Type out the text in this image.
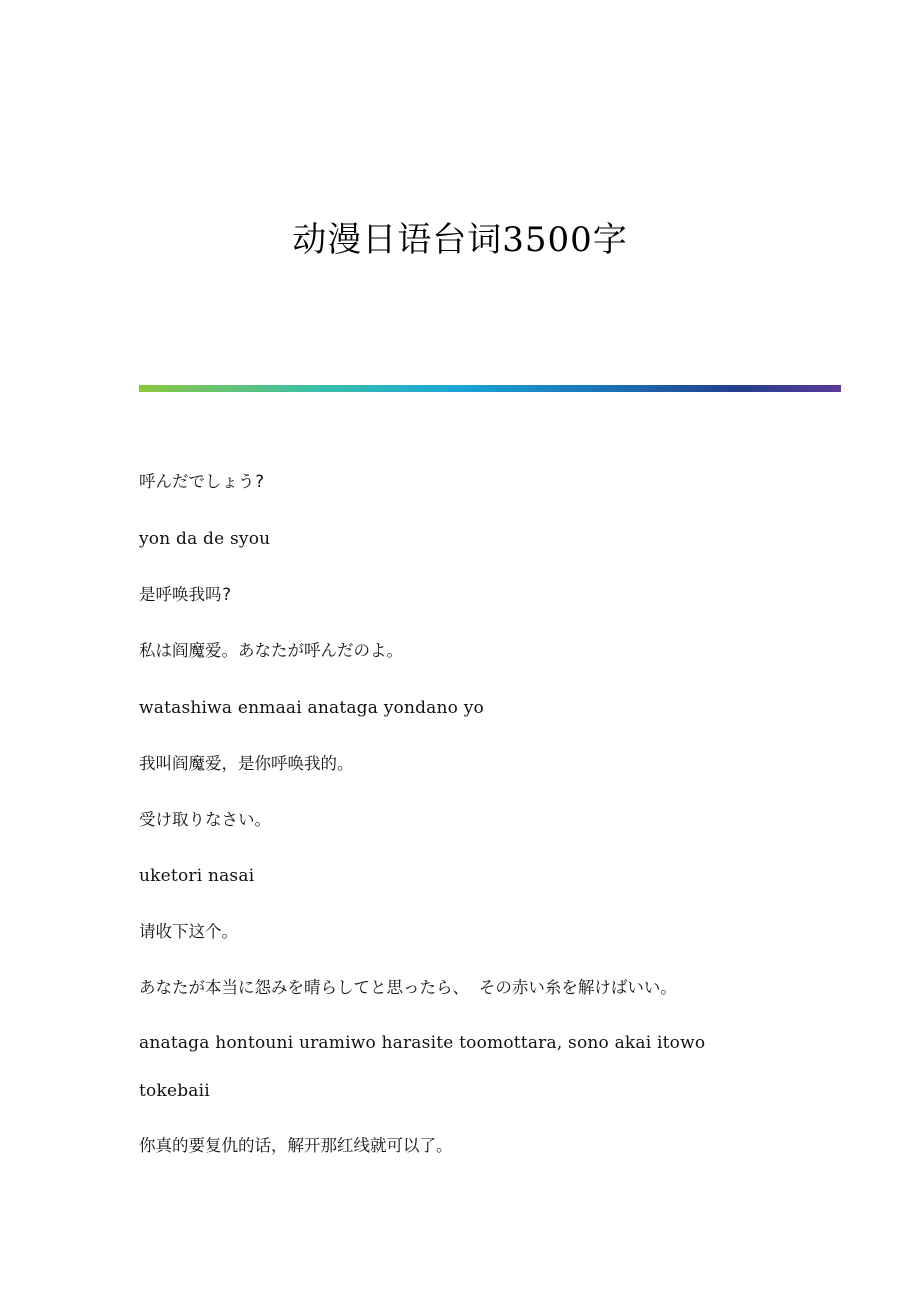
动漫日语台词3500字

呼んだでしょう?

yon da de syou

是呼唤我吗?

私は阎魔爱。あなたが呼んだのよ。

watashiwa enmaai anataga yondano yo

我叫阎魔爱，是你呼唤我的。

受け取りなさい。

uketori nasai

请收下这个。

あなたが本当に怨みを晴らしてと思ったら、 その赤い糸を解けばいい。

anataga hontouni uramiwo harasite toomottara, sono akai itowo tokebaii

你真的要复仇的话，解开那红线就可以了。
